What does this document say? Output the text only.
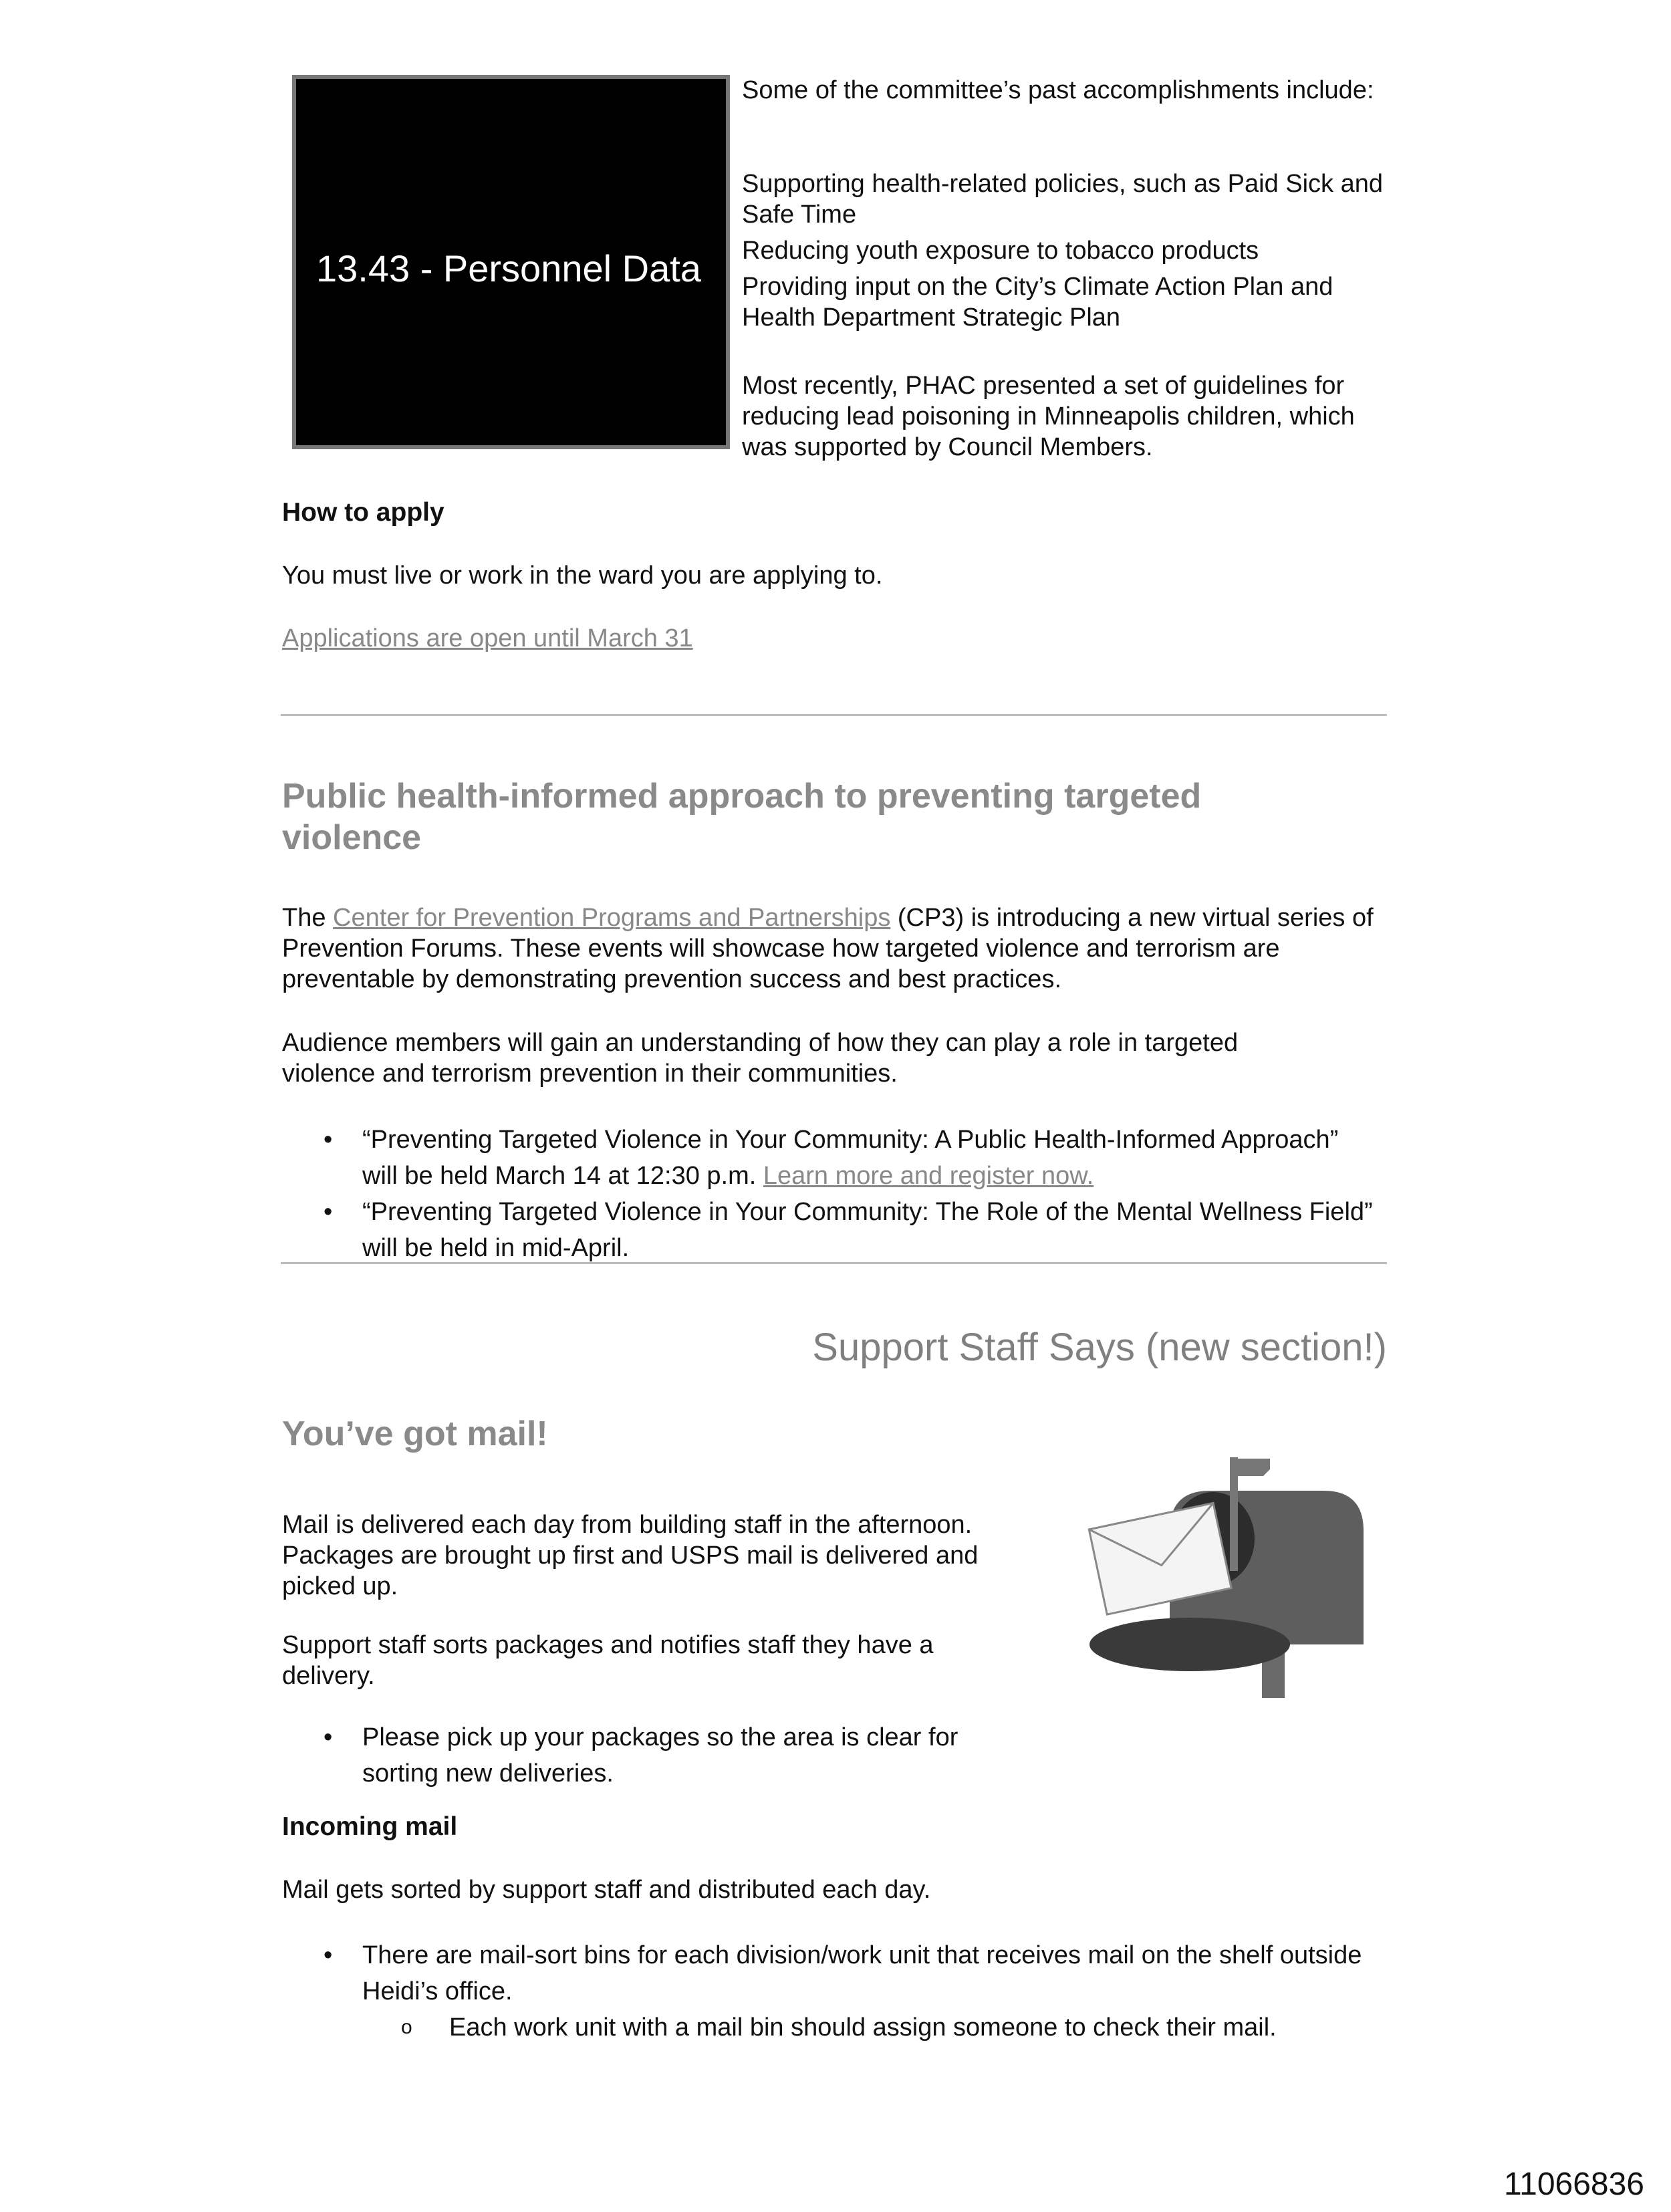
13.43 - Personnel Data
Some of the committee’s past accomplishments include:
Supporting health-related policies, such as Paid Sick and Safe Time
Reducing youth exposure to tobacco products
Providing input on the City’s Climate Action Plan and Health Department Strategic Plan
Most recently, PHAC presented a set of guidelines for reducing lead poisoning in Minneapolis children, which was supported by Council Members.
How to apply
You must live or work in the ward you are applying to.
Applications are open until March 31
Public health-informed approach to preventing targeted violence
The Center for Prevention Programs and Partnerships (CP3) is introducing a new virtual series of Prevention Forums. These events will showcase how targeted violence and terrorism are preventable by demonstrating prevention success and best practices.
Audience members will gain an understanding of how they can play a role in targeted violence and terrorism prevention in their communities.
• “Preventing Targeted Violence in Your Community: A Public Health-Informed Approach” will be held March 14 at 12:30 p.m. Learn more and register now.
• “Preventing Targeted Violence in Your Community: The Role of the Mental Wellness Field” will be held in mid-April.
Support Staff Says (new section!)
You’ve got mail!
Mail is delivered each day from building staff in the afternoon. Packages are brought up first and USPS mail is delivered and picked up.
Support staff sorts packages and notifies staff they have a delivery.
• Please pick up your packages so the area is clear for sorting new deliveries.
Incoming mail
Mail gets sorted by support staff and distributed each day.
• There are mail-sort bins for each division/work unit that receives mail on the shelf outside Heidi’s office.
o Each work unit with a mail bin should assign someone to check their mail.
11066836
